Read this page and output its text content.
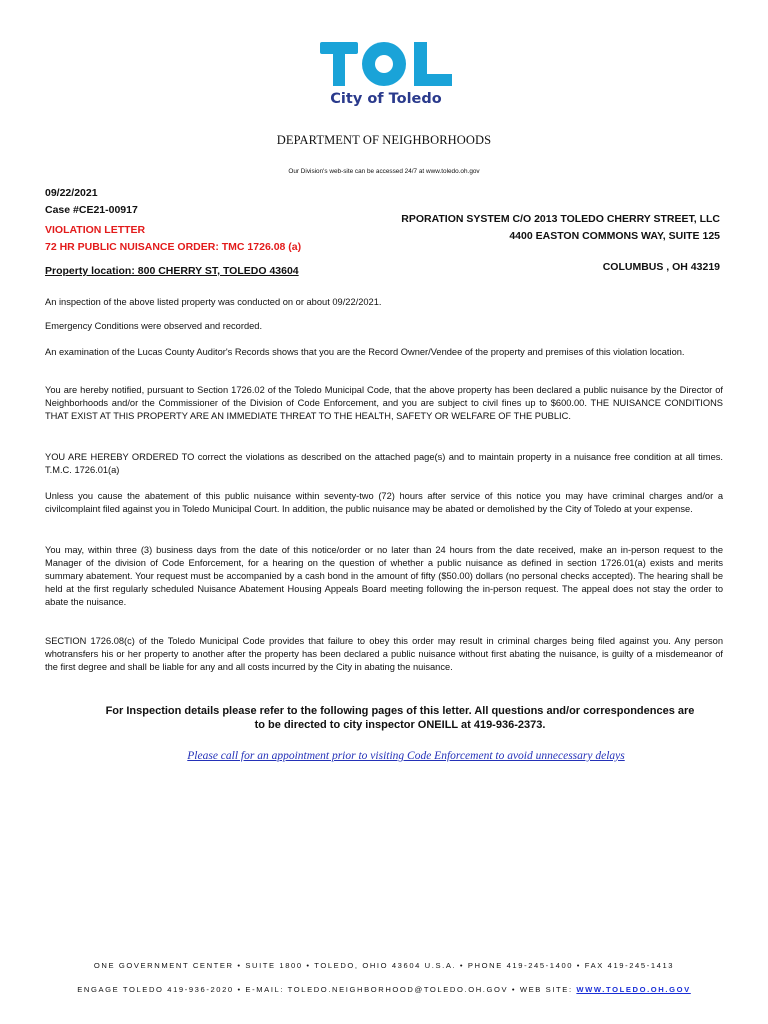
City of Toledo
DEPARTMENT OF NEIGHBORHOODS
Our Division's web-site can be accessed 24/7 at www.toledo.oh.gov
09/22/2021
Case #CE21-00917
VIOLATION LETTER
72 HR PUBLIC NUISANCE ORDER: TMC 1726.08 (a)
Property location: 800 CHERRY ST, TOLEDO 43604
RPORATION SYSTEM C/O 2013 TOLEDO CHERRY STREET, LLC
4400 EASTON COMMONS WAY, SUITE 125
COLUMBUS , OH 43219
An inspection of the above listed property was conducted on or about 09/22/2021.
Emergency Conditions were observed and recorded.
An examination of the Lucas County Auditor's Records shows that you are the Record Owner/Vendee of the property and premises of this violation location.
You are hereby notified, pursuant to Section 1726.02 of the Toledo Municipal Code, that the above property has been declared a public nuisance by the Director of Neighborhoods and/or the Commissioner of the Division of Code Enforcement, and you are subject to civil fines up to $600.00. THE NUISANCE CONDITIONS THAT EXIST AT THIS PROPERTY ARE AN IMMEDIATE THREAT TO THE HEALTH, SAFETY OR WELFARE OF THE PUBLIC.
YOU ARE HEREBY ORDERED TO correct the violations as described on the attached page(s) and to maintain property in a nuisance free condition at all times. T.M.C. 1726.01(a)
Unless you cause the abatement of this public nuisance within seventy-two (72) hours after service of this notice you may have criminal charges and/or a civilcomplaint filed against you in Toledo Municipal Court. In addition, the public nuisance may be abated or demolished by the City of Toledo at your expense.
You may, within three (3) business days from the date of this notice/order or no later than 24 hours from the date received, make an in-person request to the Manager of the division of Code Enforcement, for a hearing on the question of whether a public nuisance as defined in section 1726.01(a) exists and merits summary abatement. Your request must be accompanied by a cash bond in the amount of fifty ($50.00) dollars (no personal checks accepted). The hearing shall be held at the first regularly scheduled Nuisance Abatement Housing Appeals Board meeting following the in-person request. The appeal does not stay the order to abate the nuisance.
SECTION 1726.08(c) of the Toledo Municipal Code provides that failure to obey this order may result in criminal charges being filed against you. Any person whotransfers his or her property to another after the property has been declared a public nuisance without first abating the nuisance, is guilty of a misdemeanor of the first degree and shall be liable for any and all costs incurred by the City in abating the nuisance.
For Inspection details please refer to the following pages of this letter. All questions and/or correspondences are
to be directed to city inspector ONEILL at 419-936-2373.
Please call for an appointment prior to visiting Code Enforcement to avoid unnecessary delays
ONE GOVERNMENT CENTER • SUITE 1800 • TOLEDO, OHIO 43604 U.S.A. • PHONE 419-245-1400 • FAX 419-245-1413
ENGAGE TOLEDO 419-936-2020 • E-MAIL: TOLEDO.NEIGHBORHOOD@TOLEDO.OH.GOV • WEB SITE: WWW.TOLEDO.OH.GOV
